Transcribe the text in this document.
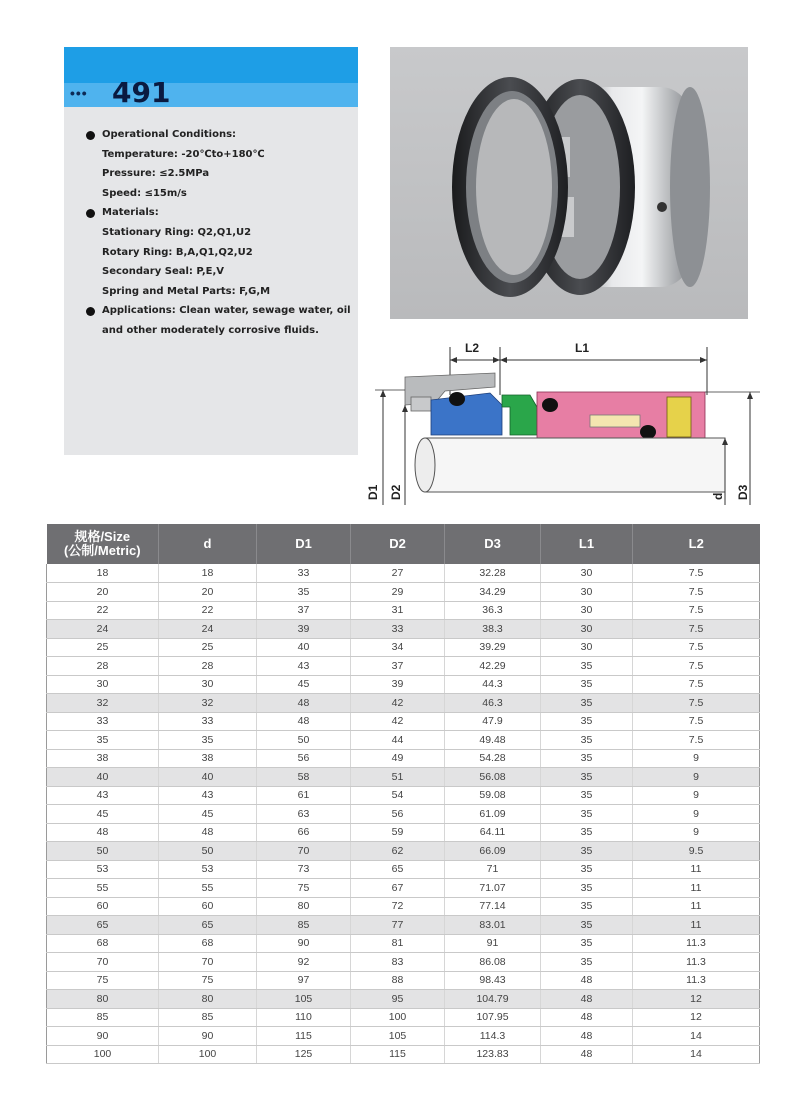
••• 491
Operational Conditions:
Temperature: -20℃to+180℃
Pressure: ≤2.5MPa
Speed: ≤15m/s
Materials:
Stationary Ring: Q2,Q1,U2
Rotary Ring: B,A,Q1,Q2,U2
Secondary Seal: P,E,V
Spring and Metal Parts: F,G,M
Applications: Clean water, sewage water, oil
and other moderately corrosive fluids.
L2	L1
D1 D2	d D3
规格/Size
(公制/Metric)	d	D1	D2	D3	L1	L2
18	18	33	27	32.28	30	7.5
20	20	35	29	34.29	30	7.5
22	22	37	31	36.3	30	7.5
24	24	39	33	38.3	30	7.5
25	25	40	34	39.29	30	7.5
28	28	43	37	42.29	35	7.5
30	30	45	39	44.3	35	7.5
32	32	48	42	46.3	35	7.5
33	33	48	42	47.9	35	7.5
35	35	50	44	49.48	35	7.5
38	38	56	49	54.28	35	9
40	40	58	51	56.08	35	9
43	43	61	54	59.08	35	9
45	45	63	56	61.09	35	9
48	48	66	59	64.11	35	9
50	50	70	62	66.09	35	9.5
53	53	73	65	71	35	11
55	55	75	67	71.07	35	11
60	60	80	72	77.14	35	11
65	65	85	77	83.01	35	11
68	68	90	81	91	35	11.3
70	70	92	83	86.08	35	11.3
75	75	97	88	98.43	48	11.3
80	80	105	95	104.79	48	12
85	85	110	100	107.95	48	12
90	90	115	105	114.3	48	14
100	100	125	115	123.83	48	14
